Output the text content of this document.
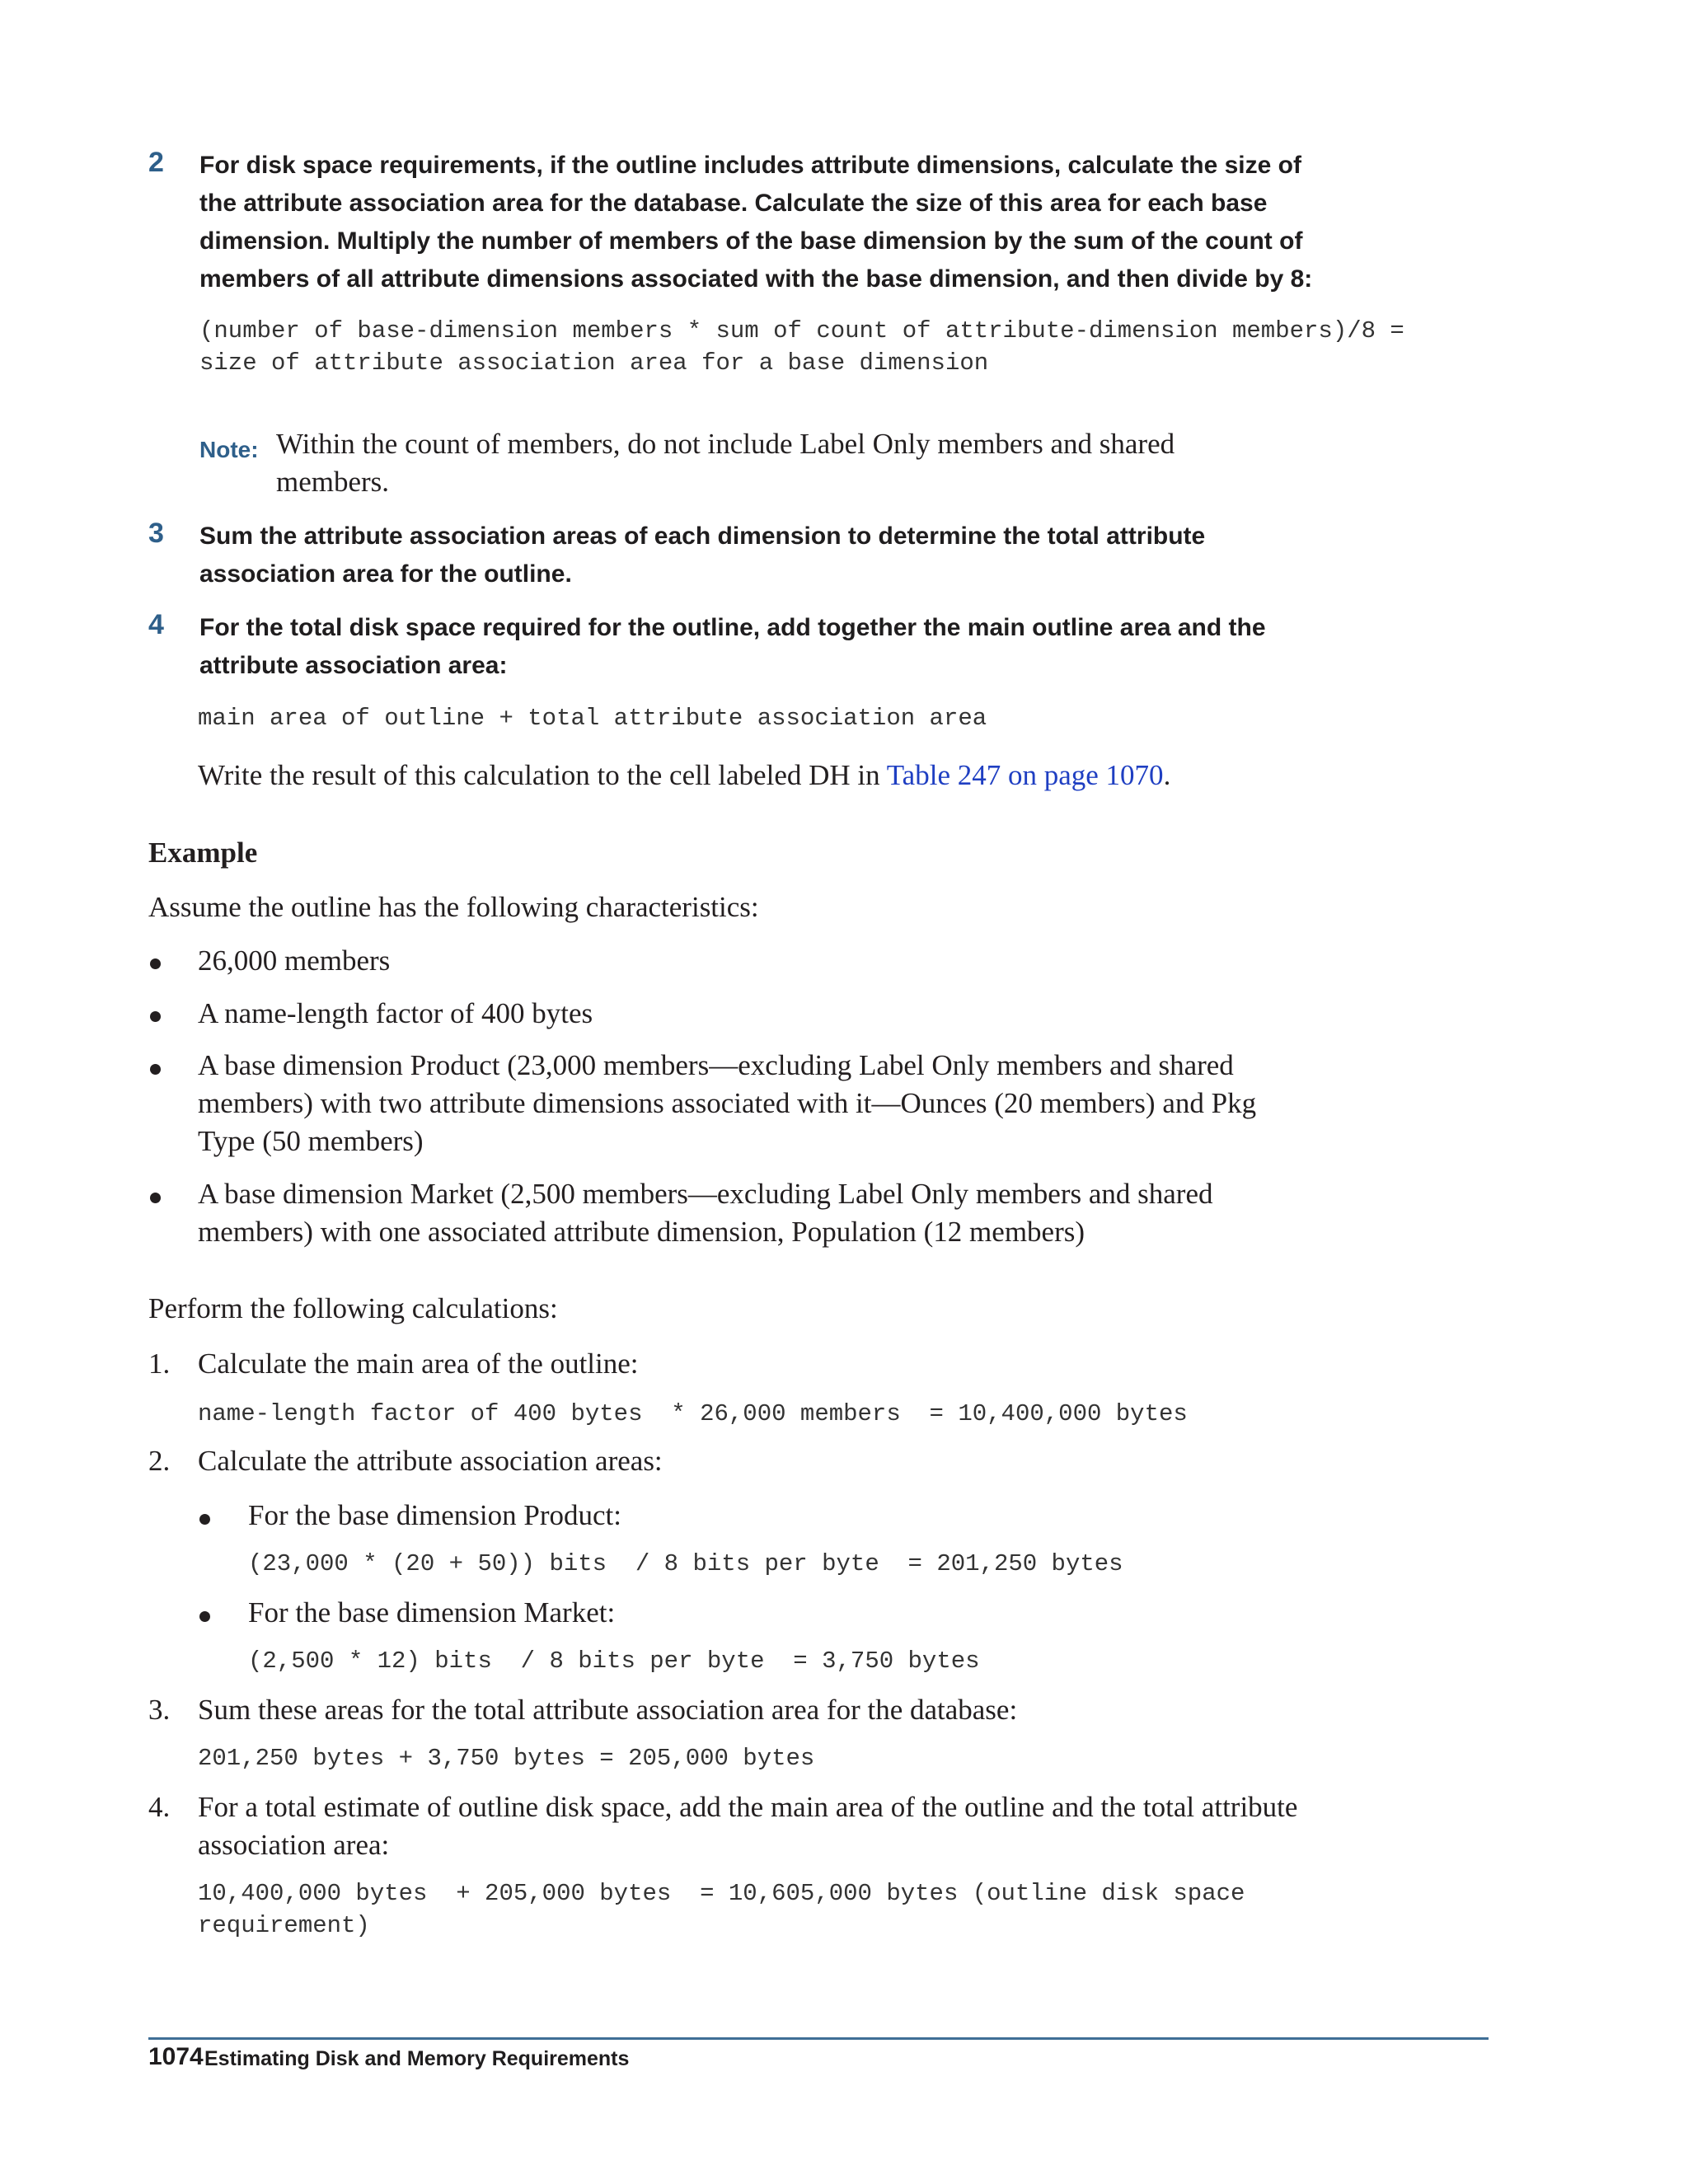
2 For disk space requirements, if the outline includes attribute dimensions, calculate the size of the attribute association area for the database. Calculate the size of this area for each base dimension. Multiply the number of members of the base dimension by the sum of the count of members of all attribute dimensions associated with the base dimension, and then divide by 8:
(number of base-dimension members * sum of count of attribute-dimension members)/8 =
size of attribute association area for a base dimension
Note: Within the count of members, do not include Label Only members and shared members.
3 Sum the attribute association areas of each dimension to determine the total attribute association area for the outline.
4 For the total disk space required for the outline, add together the main outline area and the attribute association area:
main area of outline + total attribute association area
Write the result of this calculation to the cell labeled DH in Table 247 on page 1070.
Example
Assume the outline has the following characteristics:
26,000 members
A name-length factor of 400 bytes
A base dimension Product (23,000 members—excluding Label Only members and shared members) with two attribute dimensions associated with it—Ounces (20 members) and Pkg Type (50 members)
A base dimension Market (2,500 members—excluding Label Only members and shared members) with one associated attribute dimension, Population (12 members)
Perform the following calculations:
1. Calculate the main area of the outline:
name-length factor of 400 bytes  * 26,000 members  = 10,400,000 bytes
2. Calculate the attribute association areas:
For the base dimension Product:
(23,000 * (20 + 50)) bits  / 8 bits per byte  = 201,250 bytes
For the base dimension Market:
(2,500 * 12) bits  / 8 bits per byte  = 3,750 bytes
3. Sum these areas for the total attribute association area for the database:
201,250 bytes + 3,750 bytes = 205,000 bytes
4. For a total estimate of outline disk space, add the main area of the outline and the total attribute association area:
10,400,000 bytes  + 205,000 bytes  = 10,605,000 bytes (outline disk space
requirement)
1074 Estimating Disk and Memory Requirements
